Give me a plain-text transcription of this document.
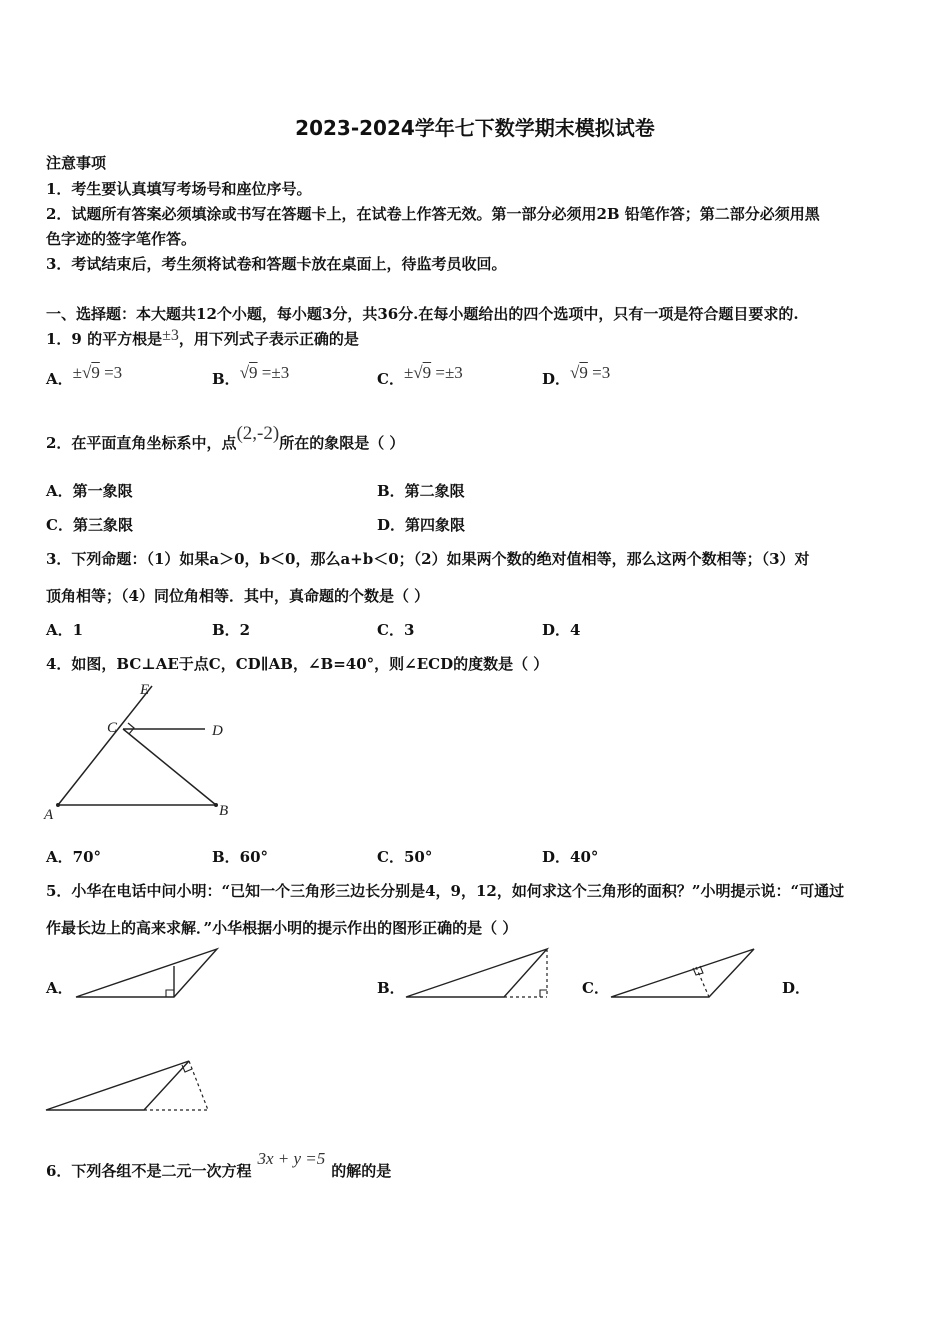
2023-2024学年七下数学期末模拟试卷
注意事项
1．考生要认真填写考场号和座位序号。
2．试题所有答案必须填涂或书写在答题卡上，在试卷上作答无效。第一部分必须用2B 铅笔作答；第二部分必须用黑
色字迹的签字笔作答。
3．考试结束后，考生须将试卷和答题卡放在桌面上，待监考员收回。
一、选择题：本大题共12个小题，每小题3分，共36分.在每小题给出的四个选项中，只有一项是符合题目要求的.
1．9 的平方根是±3，用下列式子表示正确的是
A．±√9 =3	B．√9 =±3	C．±√9 =±3	D．√9 =3
2．在平面直角坐标系中，点(2,-2)所在的象限是（ ）
A．第一象限	B．第二象限
C．第三象限	D．第四象限
3．下列命题：（1）如果a＞0，b＜0，那么a+b＜0；（2）如果两个数的绝对值相等，那么这两个数相等；（3）对
顶角相等；（4）同位角相等．其中，真命题的个数是（ ）
A．1	B．2	C．3	D．4
4．如图，BC⊥AE于点C，CD∥AB，∠B=40°，则∠ECD的度数是（ ）
E
C	D
A	B
A．70°	B．60°	C．50°	D．40°
5．小华在电话中问小明：“已知一个三角形三边长分别是4，9，12，如何求这个三角形的面积？”小明提示说：“可通过
作最长边上的高来求解．”小华根据小明的提示作出的图形正确的是（ ）
A．	B．	C．	D．
6．下列各组不是二元一次方程3x + y =5的解的是
